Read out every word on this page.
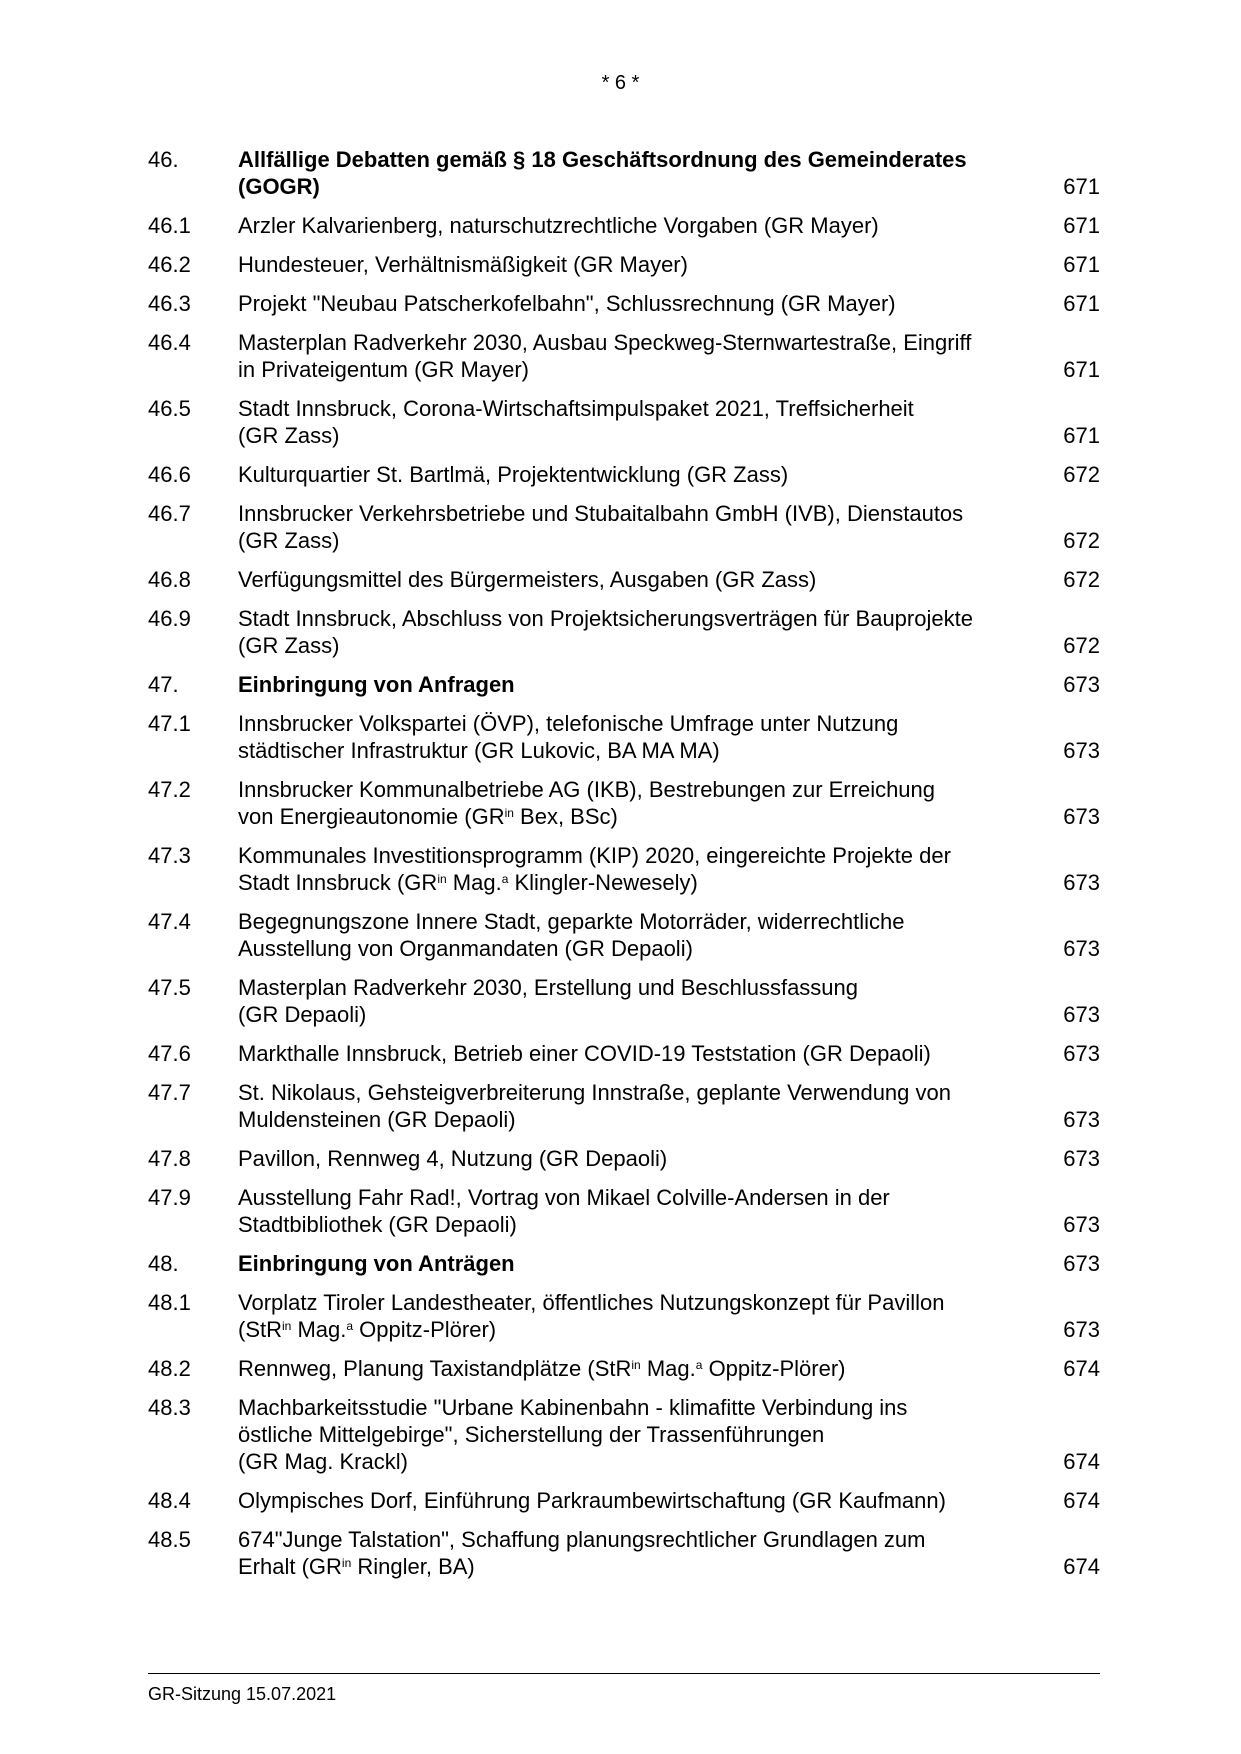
* 6 *
46.	Allfällige Debatten gemäß § 18 Geschäftsordnung des Gemeinderates
(GOGR)	671
46.1	Arzler Kalvarienberg, naturschutzrechtliche Vorgaben (GR Mayer)	671
46.2	Hundesteuer, Verhältnismäßigkeit (GR Mayer)	671
46.3	Projekt "Neubau Patscherkofelbahn", Schlussrechnung (GR Mayer)	671
46.4	Masterplan Radverkehr 2030, Ausbau Speckweg-Sternwartestraße, Eingriff
in Privateigentum (GR Mayer)	671
46.5	Stadt Innsbruck, Corona-Wirtschaftsimpulspaket 2021, Treffsicherheit
(GR Zass)	671
46.6	Kulturquartier St. Bartlmä, Projektentwicklung (GR Zass)	672
46.7	Innsbrucker Verkehrsbetriebe und Stubaitalbahn GmbH (IVB), Dienstautos
(GR Zass)	672
46.8	Verfügungsmittel des Bürgermeisters, Ausgaben (GR Zass)	672
46.9	Stadt Innsbruck, Abschluss von Projektsicherungsverträgen für Bauprojekte
(GR Zass)	672
47.	Einbringung von Anfragen	673
47.1	Innsbrucker Volkspartei (ÖVP), telefonische Umfrage unter Nutzung
städtischer Infrastruktur (GR Lukovic, BA MA MA)	673
47.2	Innsbrucker Kommunalbetriebe AG (IKB), Bestrebungen zur Erreichung
von Energieautonomie ($GR^{in}$ Bex, BSc)	673
47.3	Kommunales Investitionsprogramm (KIP) 2020, eingereichte Projekte der
Stadt Innsbruck ($GR^{in}$ Mag.$^a$ Klingler-Newesely)	673
47.4	Begegnungszone Innere Stadt, geparkte Motorräder, widerrechtliche
Ausstellung von Organmandaten (GR Depaoli)	673
47.5	Masterplan Radverkehr 2030, Erstellung und Beschlussfassung
(GR Depaoli)	673
47.6	Markthalle Innsbruck, Betrieb einer COVID-19 Teststation (GR Depaoli)	673
47.7	St. Nikolaus, Gehsteigverbreiterung Innstraße, geplante Verwendung von
Muldensteinen (GR Depaoli)	673
47.8	Pavillon, Rennweg 4, Nutzung (GR Depaoli)	673
47.9	Ausstellung Fahr Rad!, Vortrag von Mikael Colville-Andersen in der
Stadtbibliothek (GR Depaoli)	673
48.	Einbringung von Anträgen	673
48.1	Vorplatz Tiroler Landestheater, öffentliches Nutzungskonzept für Pavillon
(StR$^{in}$ Mag.$^a$ Oppitz-Plörer)	673
48.2	Rennweg, Planung Taxistandplätze (StR$^{in}$ Mag.$^a$ Oppitz-Plörer)	674
48.3	Machbarkeitsstudie "Urbane Kabinenbahn - klimafitte Verbindung ins
östliche Mittelgebirge", Sicherstellung der Trassenführungen
(GR Mag. Krackl)	674
48.4	Olympisches Dorf, Einführung Parkraumbewirtschaftung (GR Kaufmann)	674
48.5	674"Junge Talstation", Schaffung planungsrechtlicher Grundlagen zum
Erhalt ($GR^{in}$ Ringler, BA)	674
GR-Sitzung 15.07.2021
